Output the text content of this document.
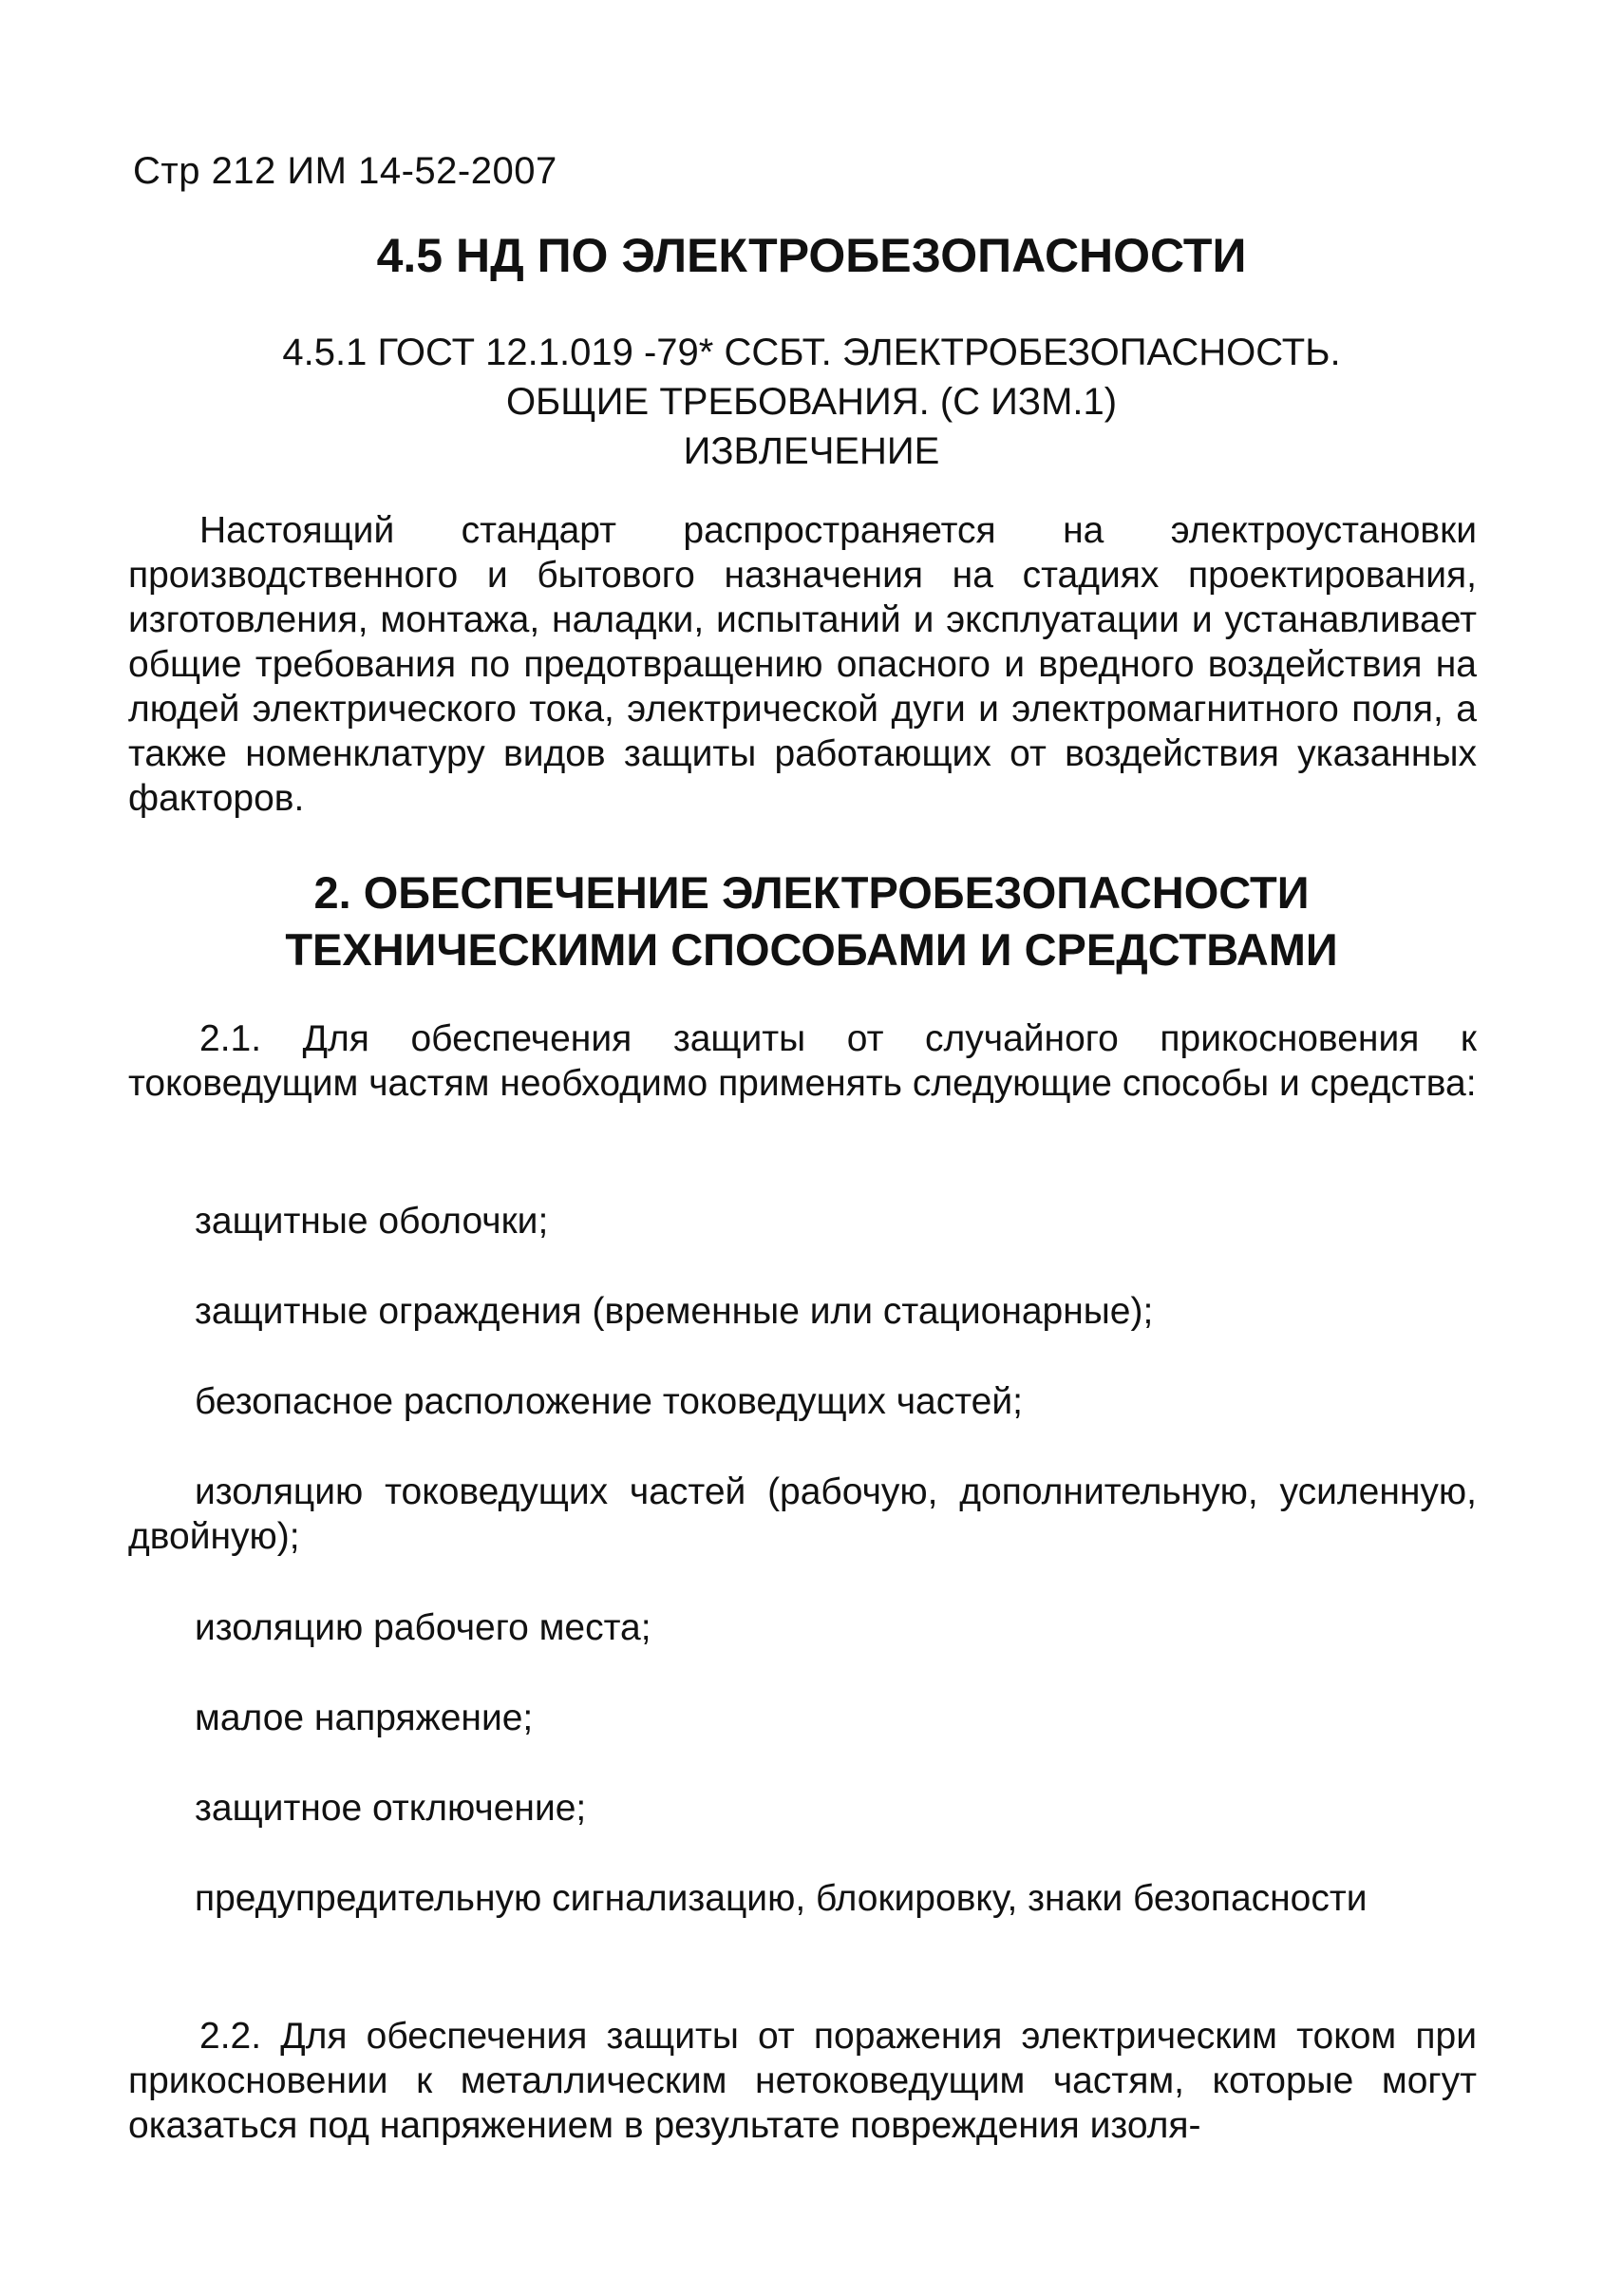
Стр 212 ИМ 14-52-2007
4.5 НД ПО ЭЛЕКТРОБЕЗОПАСНОСТИ
4.5.1 ГОСТ 12.1.019 -79* ССБТ. ЭЛЕКТРОБЕЗОПАСНОСТЬ.
ОБЩИЕ ТРЕБОВАНИЯ. (С ИЗМ.1)
ИЗВЛЕЧЕНИЕ
Настоящий стандарт распространяется на электроустановки производственного и бытового назначения на стадиях проектирования, изготовления, монтажа, наладки, испытаний и эксплуатации и устанавливает общие требования по предотвращению опасного и вредного воздействия на людей электрического тока, электрической дуги и электромагнитного поля, а также номенклатуру видов защиты работающих от воздействия указанных факторов.
2. ОБЕСПЕЧЕНИЕ ЭЛЕКТРОБЕЗОПАСНОСТИ
ТЕХНИЧЕСКИМИ СПОСОБАМИ И СРЕДСТВАМИ
2.1. Для обеспечения защиты от случайного прикосновения к токоведущим частям необходимо применять следующие способы и средства:
защитные оболочки;
защитные ограждения (временные или стационарные);
безопасное расположение токоведущих частей;
изоляцию токоведущих частей (рабочую, дополнительную, усиленную, двойную);
изоляцию рабочего места;
малое напряжение;
защитное отключение;
предупредительную сигнализацию, блокировку, знаки безопасности
2.2. Для обеспечения защиты от поражения электрическим током при прикосновении к металлическим нетоковедущим частям, которые могут оказаться под напряжением в результате повреждения изоля-
